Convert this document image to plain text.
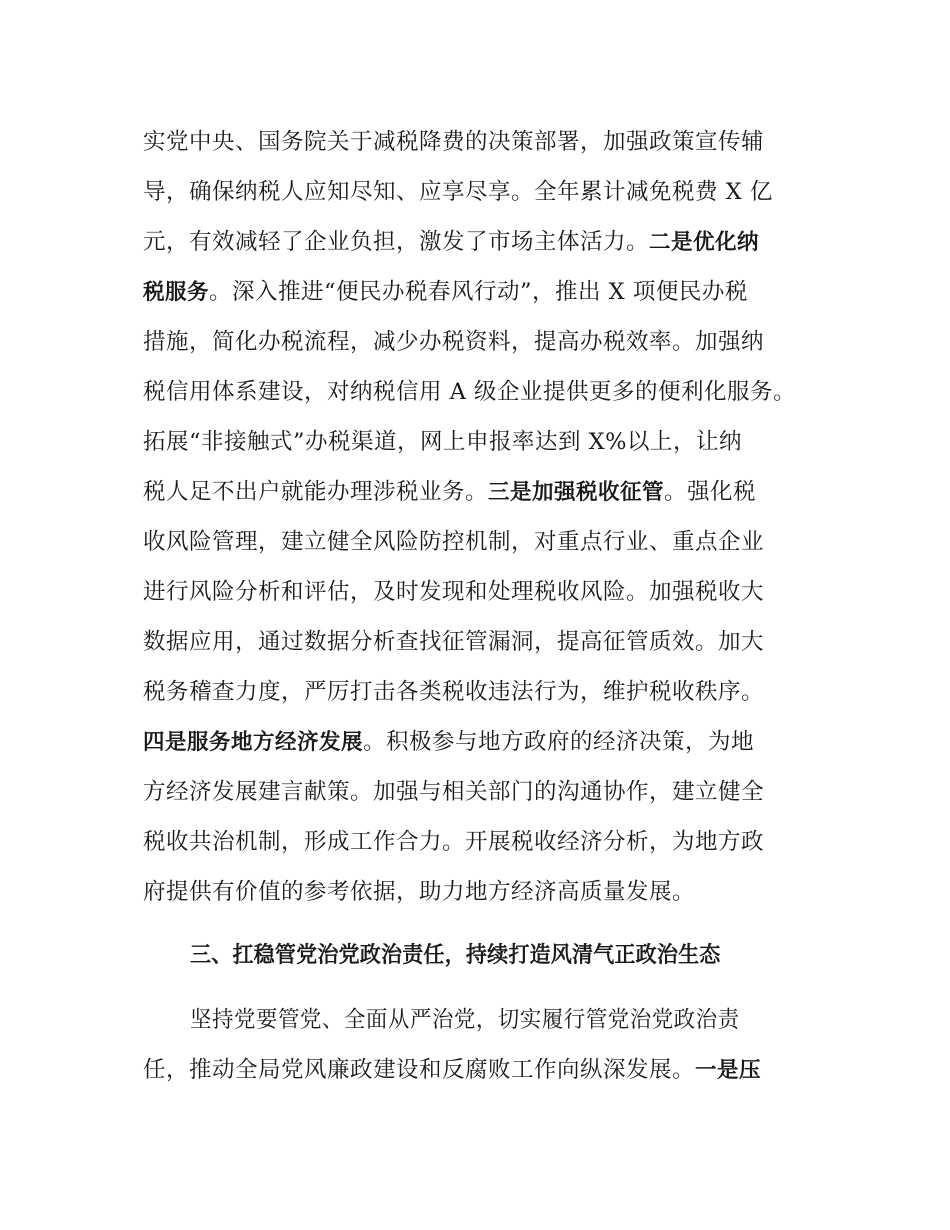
实党中央、国务院关于减税降费的决策部署，加强政策宣传辅
导，确保纳税人应知尽知、应享尽享。全年累计减免税费 X 亿
元，有效减轻了企业负担，激发了市场主体活力。二是优化纳
税服务。深入推进“便民办税春风行动”，推出 X 项便民办税
措施，简化办税流程，减少办税资料，提高办税效率。加强纳
税信用体系建设，对纳税信用 A 级企业提供更多的便利化服务。
拓展“非接触式”办税渠道，网上申报率达到 X%以上，让纳
税人足不出户就能办理涉税业务。三是加强税收征管。强化税
收风险管理，建立健全风险防控机制，对重点行业、重点企业
进行风险分析和评估，及时发现和处理税收风险。加强税收大
数据应用，通过数据分析查找征管漏洞，提高征管质效。加大
税务稽查力度，严厉打击各类税收违法行为，维护税收秩序。
四是服务地方经济发展。积极参与地方政府的经济决策，为地
方经济发展建言献策。加强与相关部门的沟通协作，建立健全
税收共治机制，形成工作合力。开展税收经济分析，为地方政
府提供有价值的参考依据，助力地方经济高质量发展。
三、扛稳管党治党政治责任，持续打造风清气正政治生态
坚持党要管党、全面从严治党，切实履行管党治党政治责
任，推动全局党风廉政建设和反腐败工作向纵深发展。一是压
